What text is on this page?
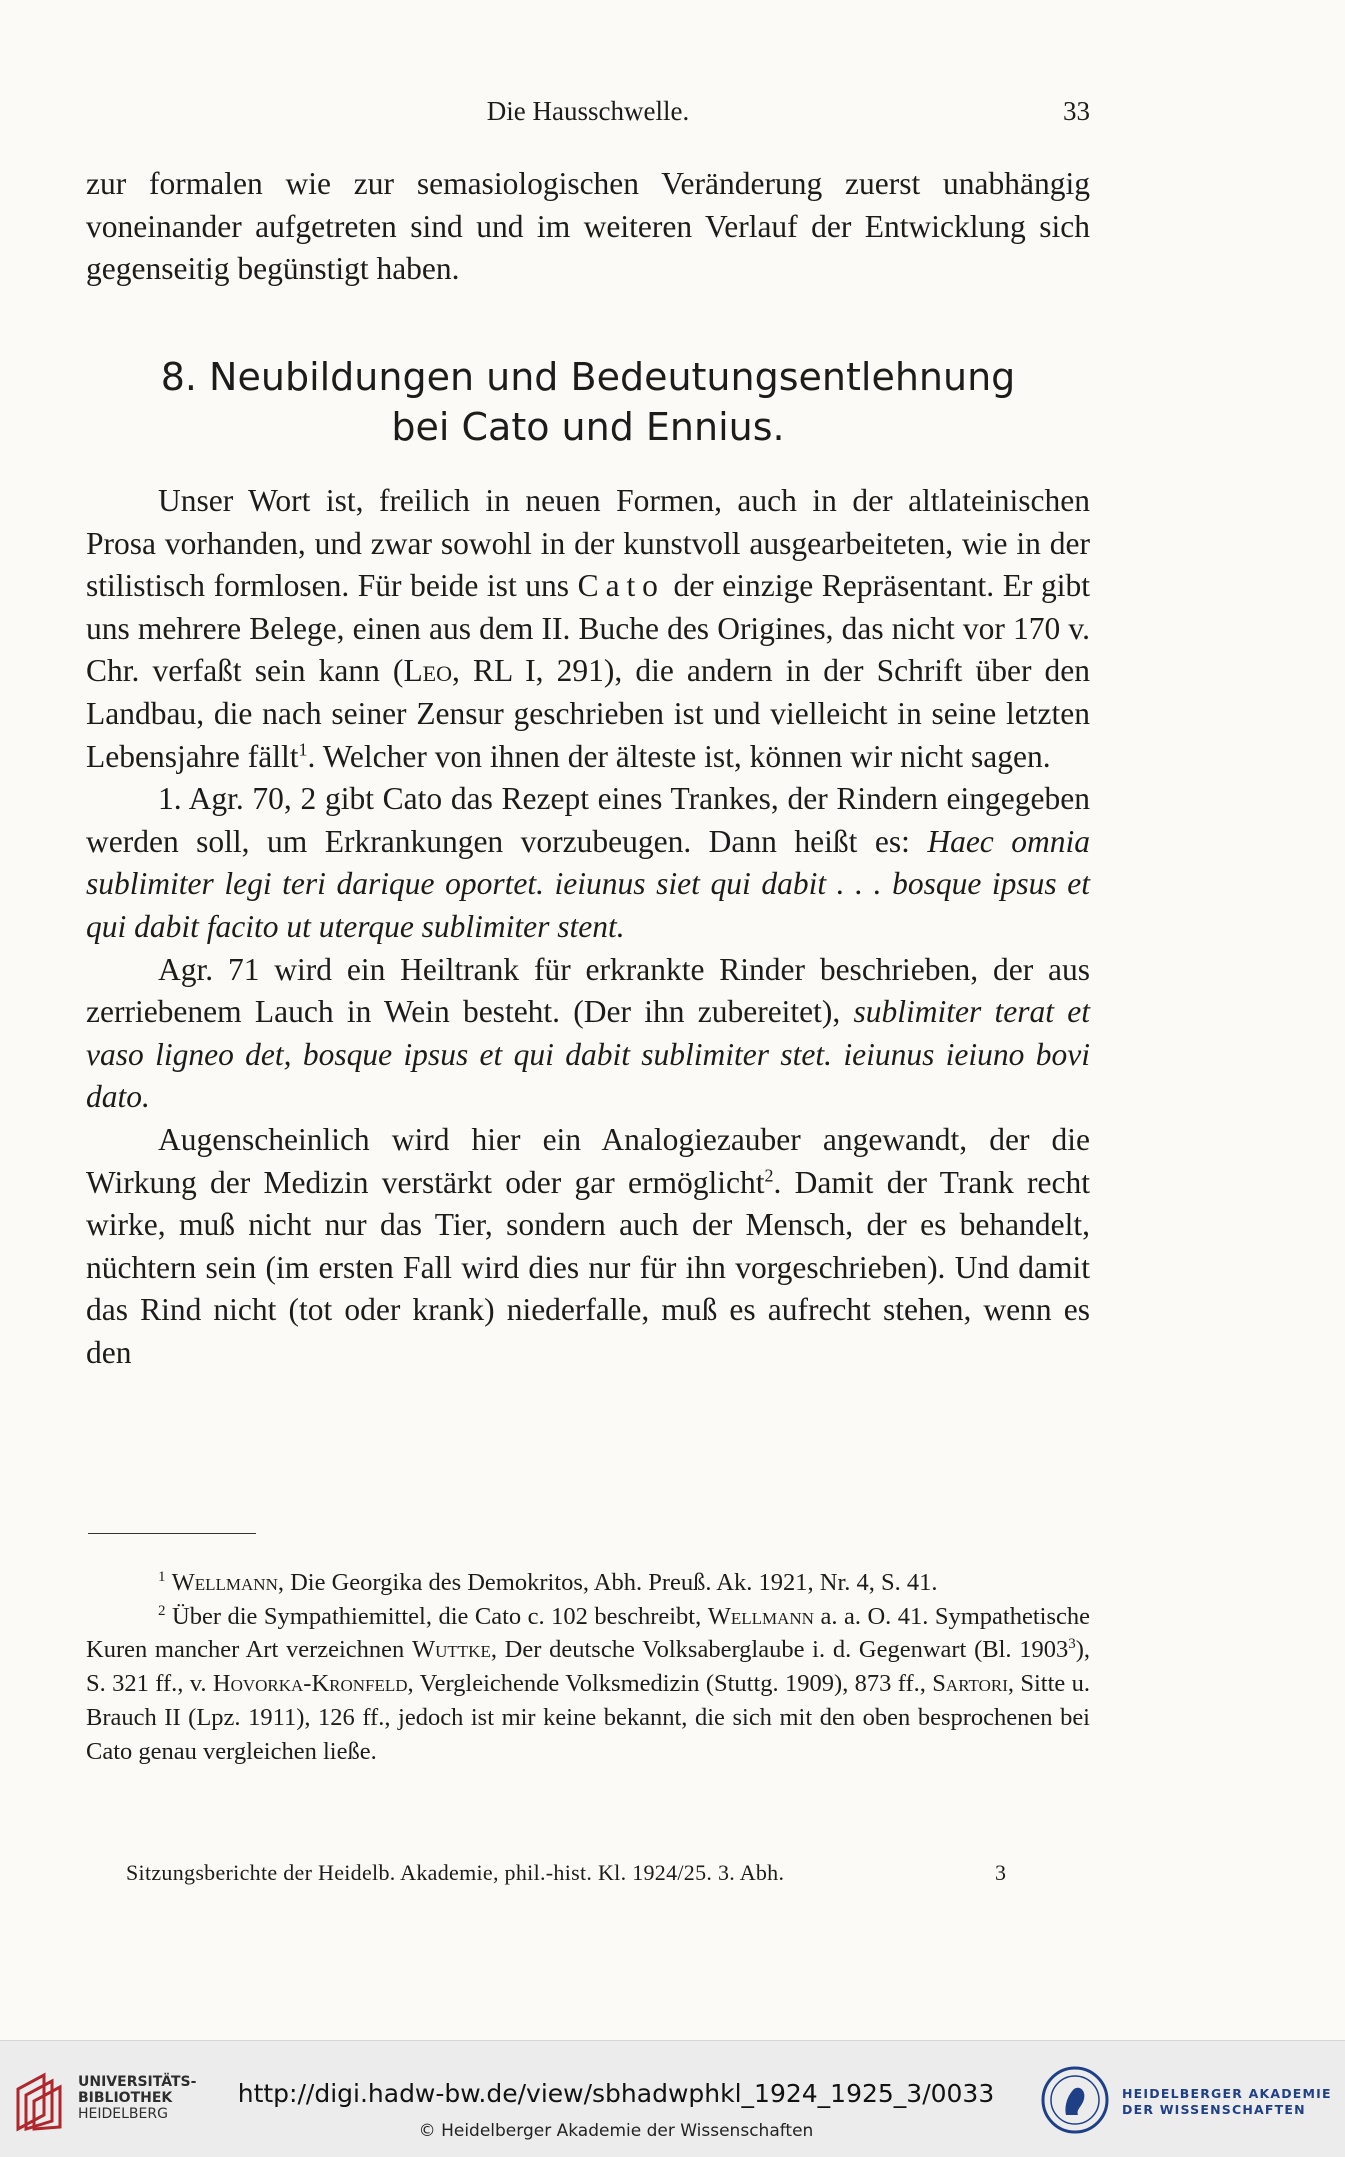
Die Hausschwelle.	33

zur formalen wie zur semasiologischen Veränderung zuerst unabhängig voneinander aufgetreten sind und im weiteren Verlauf der Entwicklung sich gegenseitig begünstigt haben.

8. Neubildungen und Bedeutungsentlehnung
bei Cato und Ennius.

Unser Wort ist, freilich in neuen Formen, auch in der altlateinischen Prosa vorhanden, und zwar sowohl in der kunstvoll ausgearbeiteten, wie in der stilistisch formlosen. Für beide ist uns Cato der einzige Repräsentant. Er gibt uns mehrere Belege, einen aus dem II. Buche des Origines, das nicht vor 170 v. Chr. verfaßt sein kann (Leo, RL I, 291), die andern in der Schrift über den Landbau, die nach seiner Zensur geschrieben ist und vielleicht in seine letzten Lebensjahre fällt$^1$. Welcher von ihnen der älteste ist, können wir nicht sagen.

1. Agr. 70, 2 gibt Cato das Rezept eines Trankes, der Rindern eingegeben werden soll, um Erkrankungen vorzubeugen. Dann heißt es: Haec omnia sublimiter legi teri darique oportet. ieiunus siet qui dabit . . . bosque ipsus et qui dabit facito ut uterque sublimiter stent.

Agr. 71 wird ein Heiltrank für erkrankte Rinder beschrieben, der aus zerriebenem Lauch in Wein besteht. (Der ihn zubereitet), sublimiter terat et vaso ligneo det, bosque ipsus et qui dabit sublimiter stet. ieiunus ieiuno bovi dato.

Augenscheinlich wird hier ein Analogiezauber angewandt, der die Wirkung der Medizin verstärkt oder gar ermöglicht$^2$. Damit der Trank recht wirke, muß nicht nur das Tier, sondern auch der Mensch, der es behandelt, nüchtern sein (im ersten Fall wird dies nur für ihn vorgeschrieben). Und damit das Rind nicht (tot oder krank) niederfalle, muß es aufrecht stehen, wenn es den

$^1$ Wellmann, Die Georgika des Demokritos, Abh. Preuß. Ak. 1921, Nr. 4, S. 41.

$^2$ Über die Sympathiemittel, die Cato c. 102 beschreibt, Wellmann a. a. O. 41. Sympathetische Kuren mancher Art verzeichnen Wuttke, Der deutsche Volksaberglaube i. d. Gegenwart (Bl. 1903$^3$), S. 321 ff., v. Hovorka-Kronfeld, Vergleichende Volksmedizin (Stuttg. 1909), 873 ff., Sartori, Sitte u. Brauch II (Lpz. 1911), 126 ff., jedoch ist mir keine bekannt, die sich mit den oben besprochenen bei Cato genau vergleichen ließe.

Sitzungsberichte der Heidelb. Akademie, phil.-hist. Kl. 1924/25. 3. Abh.	3
UNIVERSITÄTS-
BIBLIOTHEK
HEIDELBERG
http://digi.hadw-bw.de/view/sbhadwphkl_1924_1925_3/0033
© Heidelberger Akademie der Wissenschaften
HEIDELBERGER AKADEMIE
DER WISSENSCHAFTEN
